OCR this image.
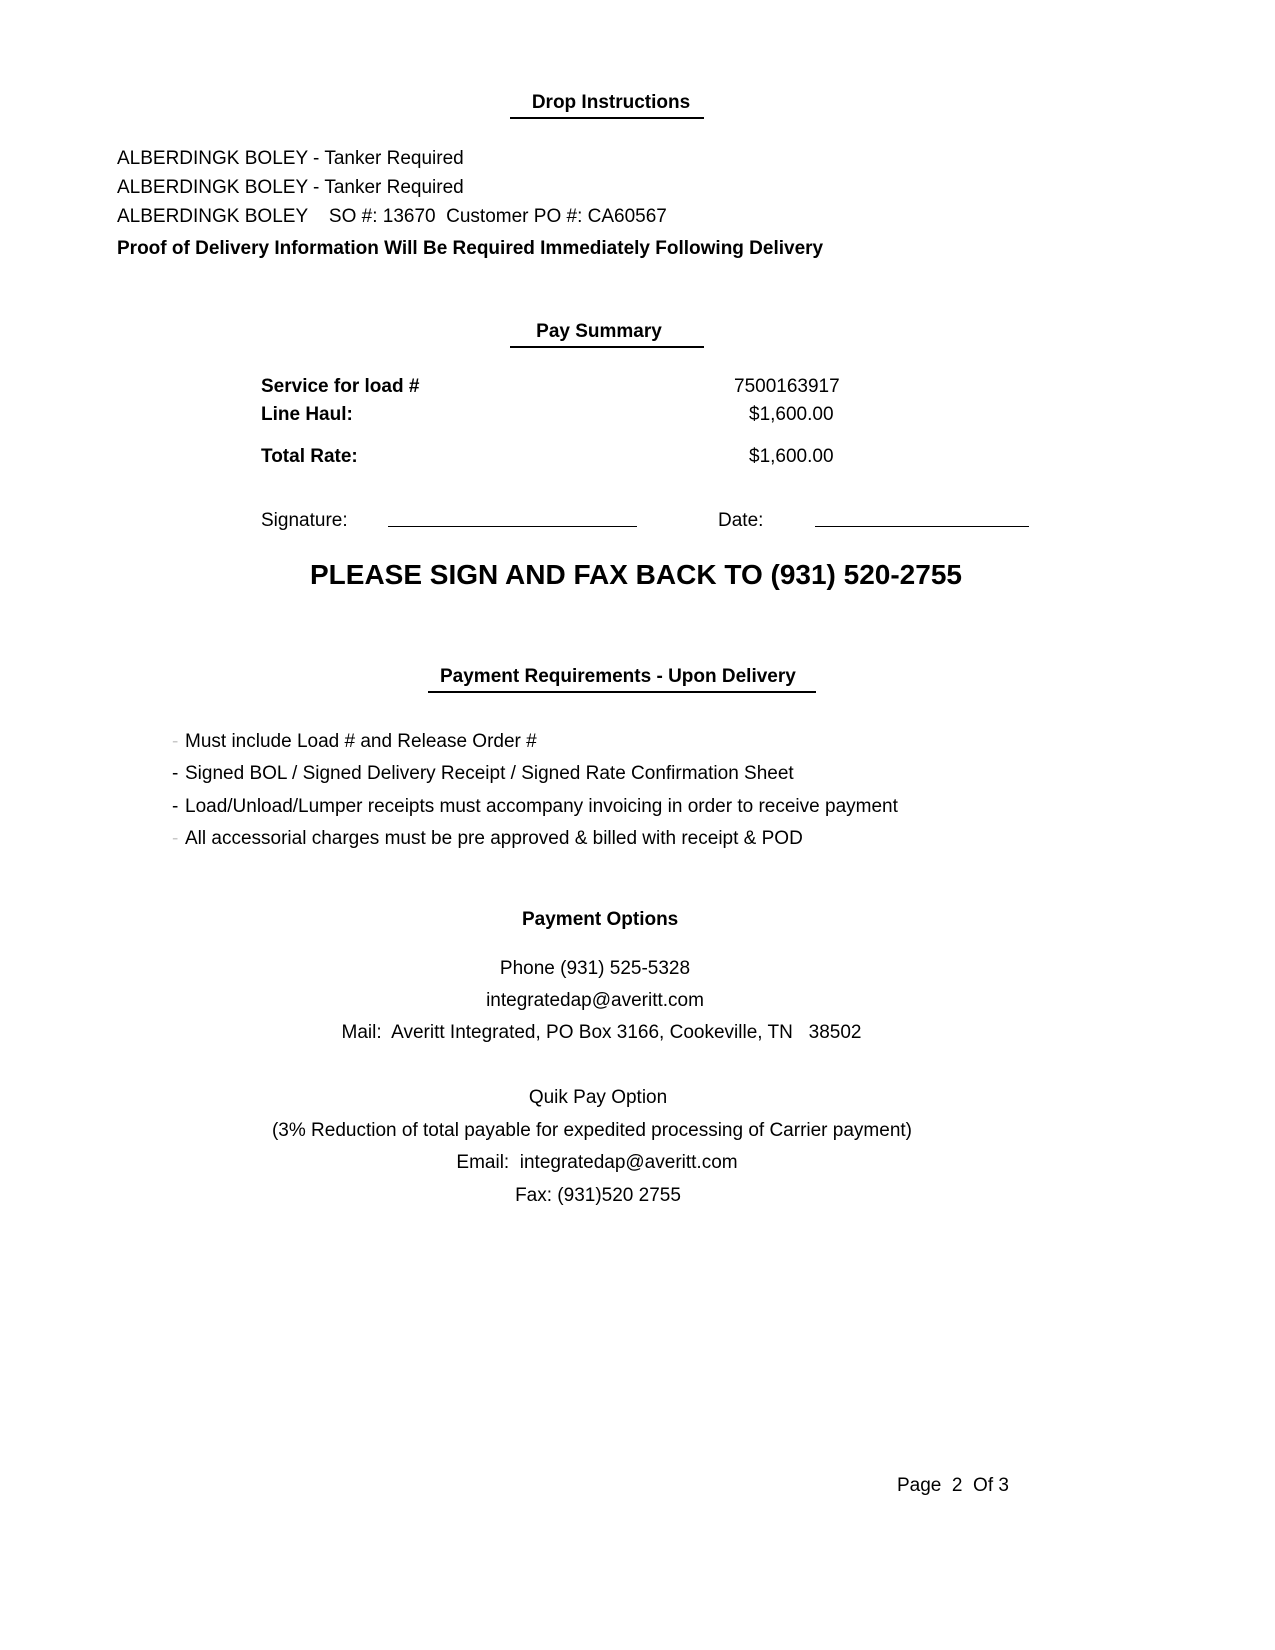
Drop Instructions
ALBERDINGK BOLEY - Tanker Required
ALBERDINGK BOLEY - Tanker Required
ALBERDINGK BOLEY    SO #: 13670  Customer PO #: CA60567
Proof of Delivery Information Will Be Required Immediately Following Delivery
Pay Summary
Service for load #	7500163917
Line Haul:	$1,600.00
Total Rate:	$1,600.00
Signature:	Date:
PLEASE SIGN AND FAX BACK TO (931) 520-2755
Payment Requirements - Upon Delivery
- Must include Load # and Release Order #
- Signed BOL / Signed Delivery Receipt / Signed Rate Confirmation Sheet
- Load/Unload/Lumper receipts must accompany invoicing in order to receive payment
- All accessorial charges must be pre approved & billed with receipt & POD
Payment Options
Phone (931) 525-5328
integratedap@averitt.com
Mail:  Averitt Integrated, PO Box 3166, Cookeville, TN   38502
Quik Pay Option
(3% Reduction of total payable for expedited processing of Carrier payment)
Email:  integratedap@averitt.com
Fax: (931)520 2755
Page  2  Of 3
